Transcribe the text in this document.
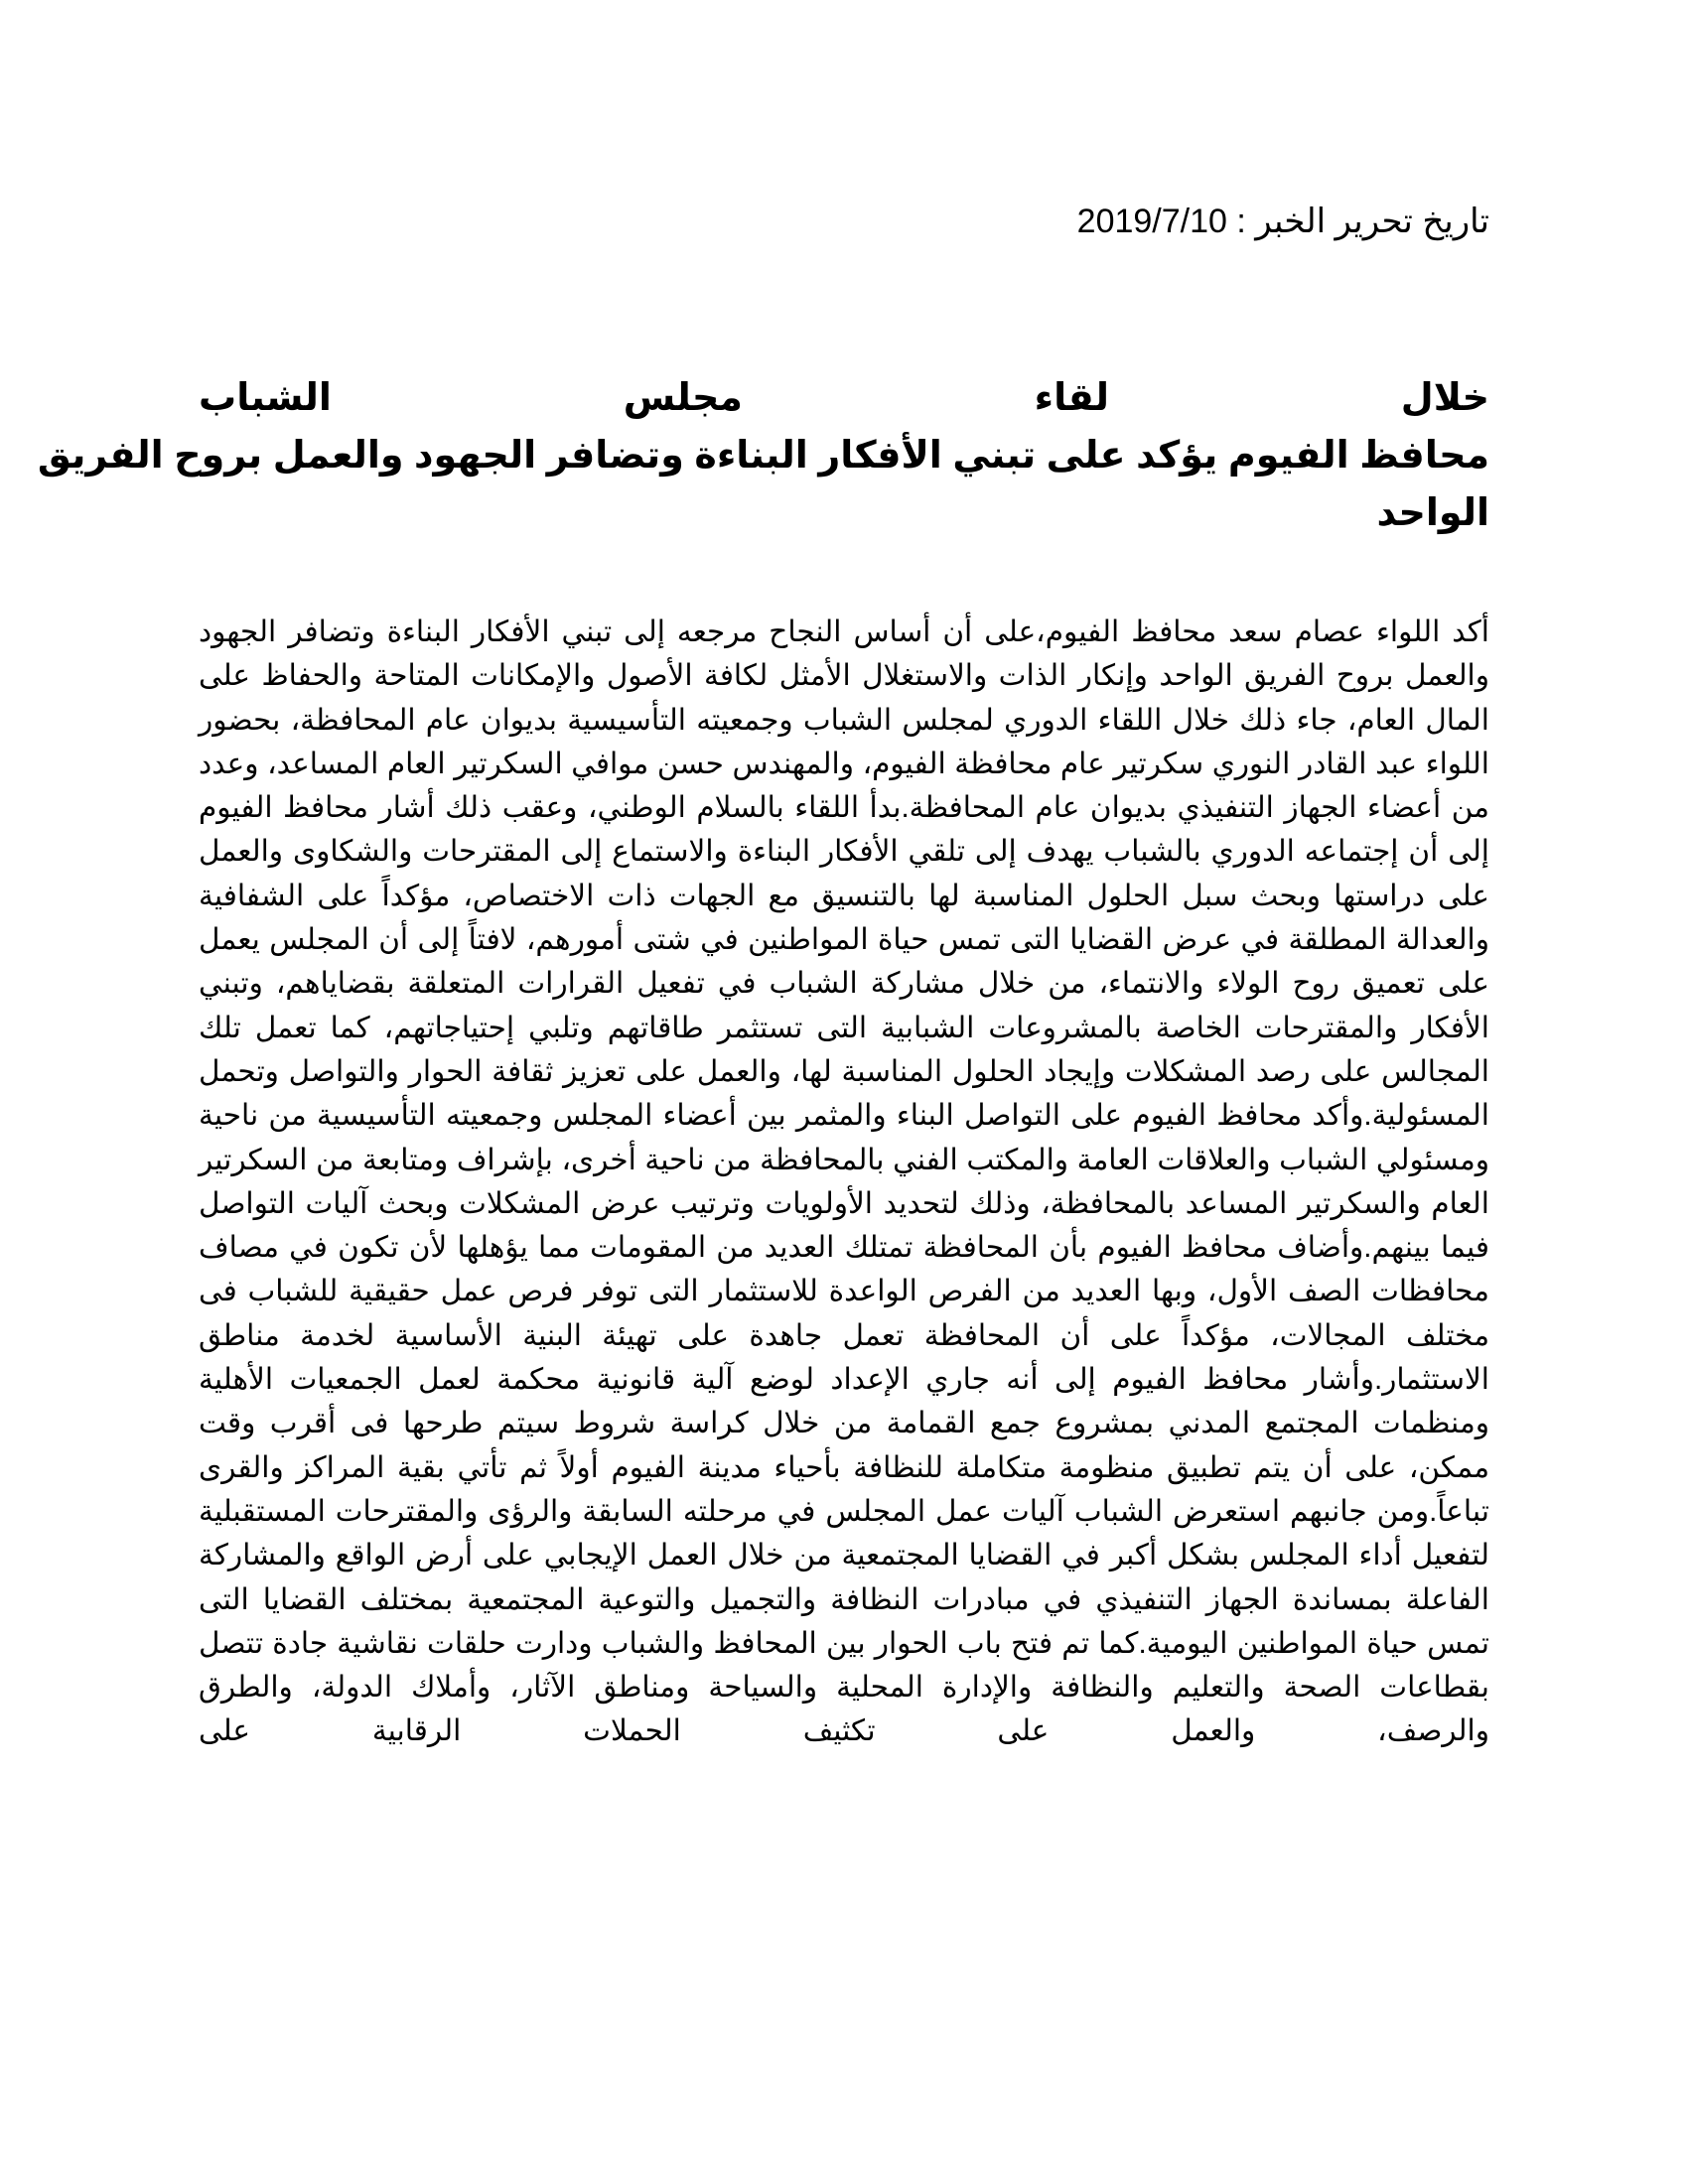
تاريخ تحرير الخبر : 2019/7/10
خلال
لقاء
مجلس
الشباب
محافظ الفيوم يؤكد على تبني الأفكار البناءة وتضافر الجهود والعمل بروح الفريق
الواحد

أكد اللواء عصام سعد محافظ الفيوم،على أن أساس النجاح مرجعه إلى تبني الأفكار البناءة وتضافر الجهود والعمل بروح الفريق الواحد وإنكار الذات والاستغلال الأمثل لكافة الأصول والإمكانات المتاحة والحفاظ على المال العام، جاء ذلك خلال اللقاء الدوري لمجلس الشباب وجمعيته التأسيسية بديوان عام المحافظة، بحضور اللواء عبد القادر النوري سكرتير عام محافظة الفيوم، والمهندس حسن موافي السكرتير العام المساعد، وعدد من أعضاء الجهاز التنفيذي بديوان عام المحافظة.بدأ اللقاء بالسلام الوطني، وعقب ذلك أشار محافظ الفيوم إلى أن إجتماعه الدوري بالشباب يهدف إلى تلقي الأفكار البناءة والاستماع إلى المقترحات والشكاوى والعمل على دراستها وبحث سبل الحلول المناسبة لها بالتنسيق مع الجهات ذات الاختصاص، مؤكداً على الشفافية والعدالة المطلقة في عرض القضايا التى تمس حياة المواطنين في شتى أمورهم، لافتاً إلى أن المجلس يعمل على تعميق روح الولاء والانتماء، من خلال مشاركة الشباب في تفعيل القرارات المتعلقة بقضاياهم، وتبني الأفكار والمقترحات الخاصة بالمشروعات الشبابية التى تستثمر طاقاتهم وتلبي إحتياجاتهم، كما تعمل تلك المجالس على رصد المشكلات وإيجاد الحلول المناسبة لها، والعمل على تعزيز ثقافة الحوار والتواصل وتحمل المسئولية.وأكد محافظ الفيوم على التواصل البناء والمثمر بين أعضاء المجلس وجمعيته التأسيسية من ناحية ومسئولي الشباب والعلاقات العامة والمكتب الفني بالمحافظة من ناحية أخرى، بإشراف ومتابعة من السكرتير العام والسكرتير المساعد بالمحافظة، وذلك لتحديد الأولويات وترتيب عرض المشكلات وبحث آليات التواصل فيما بينهم.وأضاف محافظ الفيوم بأن المحافظة تمتلك العديد من المقومات مما يؤهلها لأن تكون في مصاف محافظات الصف الأول، وبها العديد من الفرص الواعدة للاستثمار التى توفر فرص عمل حقيقية للشباب فى مختلف المجالات، مؤكداً على أن المحافظة تعمل جاهدة على تهيئة البنية الأساسية لخدمة مناطق الاستثمار.وأشار محافظ الفيوم إلى أنه جاري الإعداد لوضع آلية قانونية محكمة لعمل الجمعيات الأهلية ومنظمات المجتمع المدني بمشروع جمع القمامة من خلال كراسة شروط سيتم طرحها فى أقرب وقت ممكن، على أن يتم تطبيق منظومة متكاملة للنظافة بأحياء مدينة الفيوم أولاً ثم تأتي بقية المراكز والقرى تباعاً.ومن جانبهم استعرض الشباب آليات عمل المجلس في مرحلته السابقة والرؤى والمقترحات المستقبلية لتفعيل أداء المجلس بشكل أكبر في القضايا المجتمعية من خلال العمل الإيجابي على أرض الواقع والمشاركة الفاعلة بمساندة الجهاز التنفيذي في مبادرات النظافة والتجميل والتوعية المجتمعية بمختلف القضايا التى تمس حياة المواطنين اليومية.كما تم فتح باب الحوار بين المحافظ والشباب ودارت حلقات نقاشية جادة تتصل بقطاعات الصحة والتعليم والنظافة والإدارة المحلية والسياحة ومناطق الآثار، وأملاك الدولة، والطرق والرصف، والعمل على تكثيف الحملات الرقابية على
